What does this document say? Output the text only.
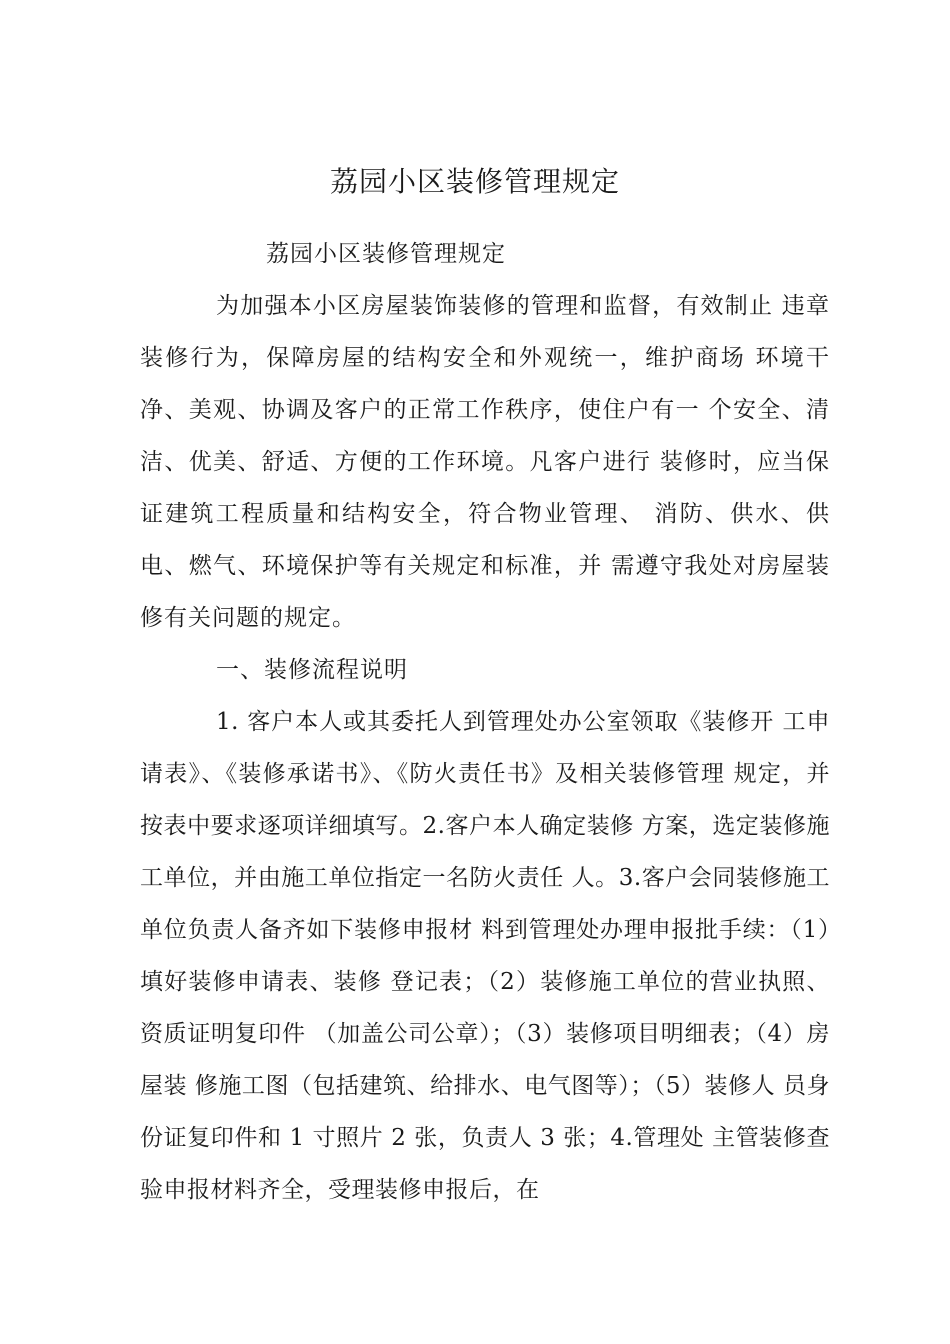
荔园小区装修管理规定

荔园小区装修管理规定

为加强本小区房屋装饰装修的管理和监督，有效制止 违章装修行为，保障房屋的结构安全和外观统一，维护商场 环境干净、美观、协调及客户的正常工作秩序，使住户有一 个安全、清洁、优美、舒适、方便的工作环境。凡客户进行 装修时，应当保证建筑工程质量和结构安全，符合物业管理、 消防、供水、供电、燃气、环境保护等有关规定和标准，并 需遵守我处对房屋装修有关问题的规定。

一、装修流程说明

1. 客户本人或其委托人到管理处办公室领取《装修开 工申请表》、《装修承诺书》、《防火责任书》及相关装修管理 规定，并按表中要求逐项详细填写。2.客户本人确定装修 方案，选定装修施工单位，并由施工单位指定一名防火责任 人。3.客户会同装修施工单位负责人备齐如下装修申报材 料到管理处办理申报批手续：（1）填好装修申请表、装修 登记表；（2）装修施工单位的营业执照、资质证明复印件 （加盖公司公章）；（3）装修项目明细表；（4）房屋装 修施工图（包括建筑、给排水、电气图等）；（5）装修人 员身份证复印件和 1 寸照片 2 张，负责人 3 张；4.管理处 主管装修查验申报材料齐全，受理装修申报后，在
